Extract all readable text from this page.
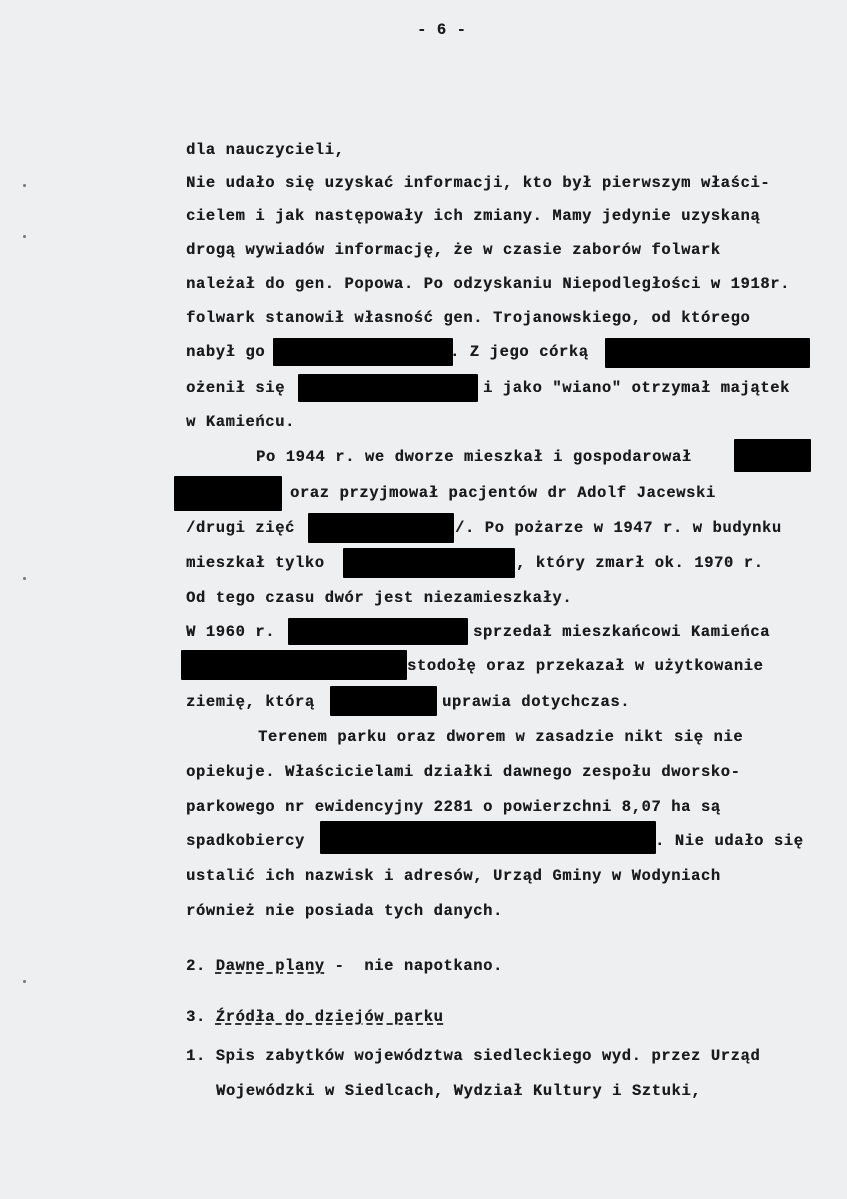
- 6 -
dla nauczycieli,
Nie udało się uzyskać informacji, kto był pierwszym właści-
cielem i jak następowały ich zmiany. Mamy jedynie uzyskaną
drogą wywiadów informację, że w czasie zaborów folwark
należał do gen. Popowa. Po odzyskaniu Niepodległości w 1918r.
folwark stanowił własność gen. Trojanowskiego, od którego
nabył go	. Z jego córką
ożenił się	i jako "wiano" otrzymał majątek
w Kamieńcu.
Po 1944 r. we dworze mieszkał i gospodarował
oraz przyjmował pacjentów dr Adolf Jacewski
/drugi zięć	/. Po pożarze w 1947 r. w budynku
mieszkał tylko	, który zmarł ok. 1970 r.
Od tego czasu dwór jest niezamieszkały.
W 1960 r.	sprzedał mieszkańcowi Kamieńca
stodołę oraz przekazał w użytkowanie
ziemię, którą	uprawia dotychczas.
Terenem parku oraz dworem w zasadzie nikt się nie
opiekuje. Właścicielami działki dawnego zespołu dworsko-
parkowego nr ewidencyjny 2281 o powierzchni 8,07 ha są
spadkobiercy	. Nie udało się
ustalić ich nazwisk i adresów, Urząd Gminy w Wodyniach
również nie posiada tych danych.
2. Dawne plany -  nie napotkano.
3. Źródła do dziejów parku
1. Spis zabytków województwa siedleckiego wyd. przez Urząd
Wojewódzki w Siedlcach, Wydział Kultury i Sztuki,
